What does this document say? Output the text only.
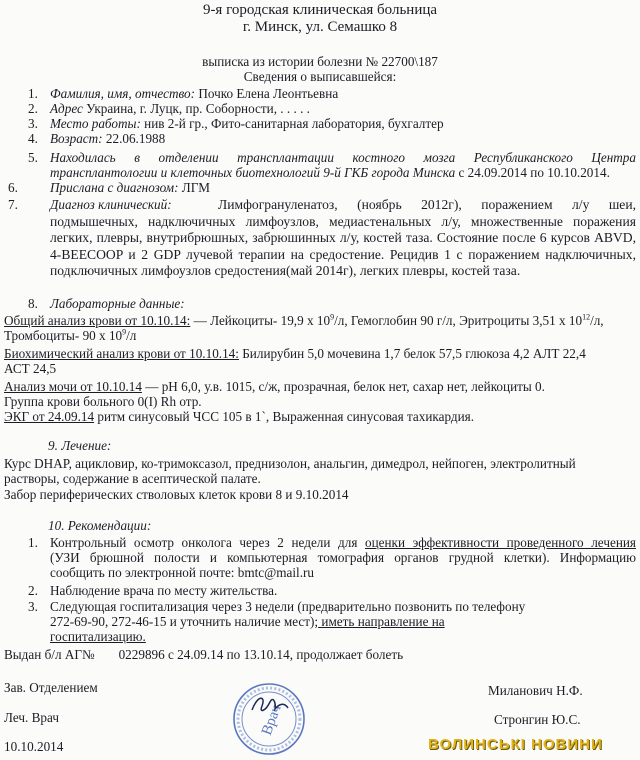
9-я городская клиническая больница
г. Минск, ул. Семашко 8
выписка из истории болезни № 22700\187
Сведения о выписавшейся:
1. Фамилия, имя, отчество: Почко Елена Леонтьевна
2. Адрес Украина, г. Луцк, пр. Соборности, . . . . .
3. Место работы: нив 2-й гр., Фито-санитарная лаборатория, бухгалтер
4. Возраст: 22.06.1988
5. Находилась в отделении трансплантации костного мозга Республиканского Центра
трансплантологии и клеточных биотехнологий 9-й ГКБ города Минска с 24.09.2014 по 10.10.2014.
6. Прислана с диагнозом: ЛГМ
7. Диагноз клинический:	Лимфогрануленатоз, (ноябрь 2012г), поражением л/у шеи, подмышечных, надключичных лимфоузлов, медиастенальных л/у, множественные поражения легких, плевры, внутрибрюшных, забрюшинных л/у, костей таза. Состояние после 6 курсов ABVD, 4-BEECOOP и 2 GDP лучевой терапии на средостение. Рецидив 1 с поражением надключичных, подключичных лимфоузлов средостения(май 2014г), легких плевры, костей таза.
8. Лабораторные данные:
Общий анализ крови от 10.10.14: — Лейкоциты- 19,9 х $10^9/л$, Гемоглобин 90 г/л, Эритроциты 3,51 х $10^{12}/л$,
Тромбоциты- 90 х $10^9/л$
Биохимический анализ крови от 10.10.14: Билирубин 5,0 мочевина 1,7 белок 57,5 глюкоза 4,2 АЛТ 22,4
АСТ 24,5
Анализ мочи от 10.10.14 — рН 6,0, у.в. 1015, с/ж, прозрачная, белок нет, сахар нет, лейкоциты 0.
Группа крови больного 0(I) Rh отр.
ЭКГ от 24.09.14 ритм синусовый ЧСС 105 в 1`, Выраженная синусовая тахикардия.
9. Лечение:
Курс DHAP, ацикловир, ко-тримоксазол, преднизолон, анальгин, димедрол, нейпоген, электролитный растворы, содержание в асептической палате.
Забор периферических стволовых клеток крови 8 и 9.10.2014
10. Рекомендации:
1. Контрольный осмотр онколога через 2 недели для оценки эффективности проведенного лечения
(УЗИ брюшной полости и компьютерная томография органов грудной клетки). Информацию
сообщить по электронной почте: bmtc@mail.ru
2. Наблюдение врача по месту жительства.
3. Следующая госпитализация через 3 недели (предварительно позвонить по телефону
272-69-90, 272-46-15 и уточнить наличие мест); иметь направление на
госпитализацию.
Выдан б/л АГ№ 0229896 с 24.09.14 по 13.10.14, продолжает болеть
Зав. Отделением	Миланович Н.Ф.
Леч. Врач	Стронгин Ю.С.
10.10.2014
Врач
ВОЛИНСЬКІ НОВИНИ
